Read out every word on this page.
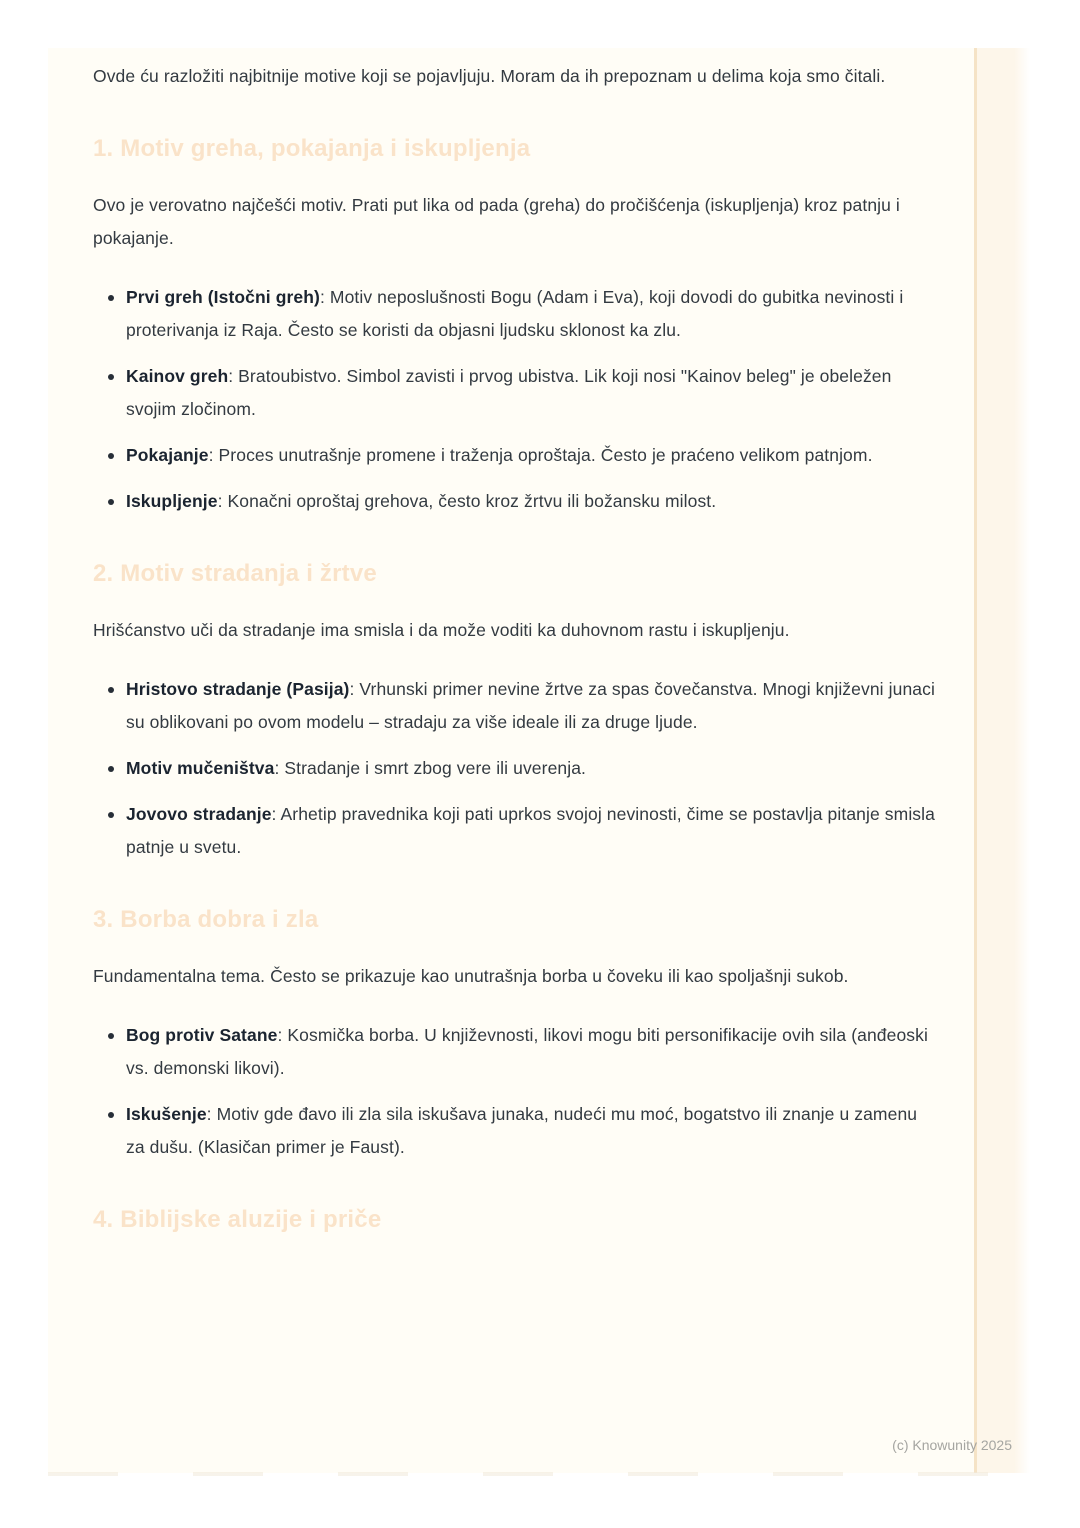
Ovde ću razložiti najbitnije motive koji se pojavljuju. Moram da ih prepoznam u delima koja smo čitali.

1. Motiv greha, pokajanja i iskupljenja

Ovo je verovatno najčešći motiv. Prati put lika od pada (greha) do pročišćenja (iskupljenja) kroz patnju i pokajanje.

Prvi greh (Istočni greh): Motiv neposlušnosti Bogu (Adam i Eva), koji dovodi do gubitka nevinosti i proterivanja iz Raja. Često se koristi da objasni ljudsku sklonost ka zlu.
Kainov greh: Bratoubistvo. Simbol zavisti i prvog ubistva. Lik koji nosi "Kainov beleg" je obeležen svojim zločinom.
Pokajanje: Proces unutrašnje promene i traženja oproštaja. Često je praćeno velikom patnjom.
Iskupljenje: Konačni oproštaj grehova, često kroz žrtvu ili božansku milost.
2. Motiv stradanja i žrtve

Hrišćanstvo uči da stradanje ima smisla i da može voditi ka duhovnom rastu i iskupljenju.

Hristovo stradanje (Pasija): Vrhunski primer nevine žrtve za spas čovečanstva. Mnogi književni junaci su oblikovani po ovom modelu – stradaju za više ideale ili za druge ljude.
Motiv mučeništva: Stradanje i smrt zbog vere ili uverenja.
Jovovo stradanje: Arhetip pravednika koji pati uprkos svojoj nevinosti, čime se postavlja pitanje smisla patnje u svetu.
3. Borba dobra i zla

Fundamentalna tema. Često se prikazuje kao unutrašnja borba u čoveku ili kao spoljašnji sukob.

Bog protiv Satane: Kosmička borba. U književnosti, likovi mogu biti personifikacije ovih sila (anđeoski vs. demonski likovi).
Iskušenje: Motiv gde đavo ili zla sila iskušava junaka, nudeći mu moć, bogatstvo ili znanje u zamenu za dušu. (Klasičan primer je Faust).
4. Biblijske aluzije i priče
(c) Knowunity 2025
